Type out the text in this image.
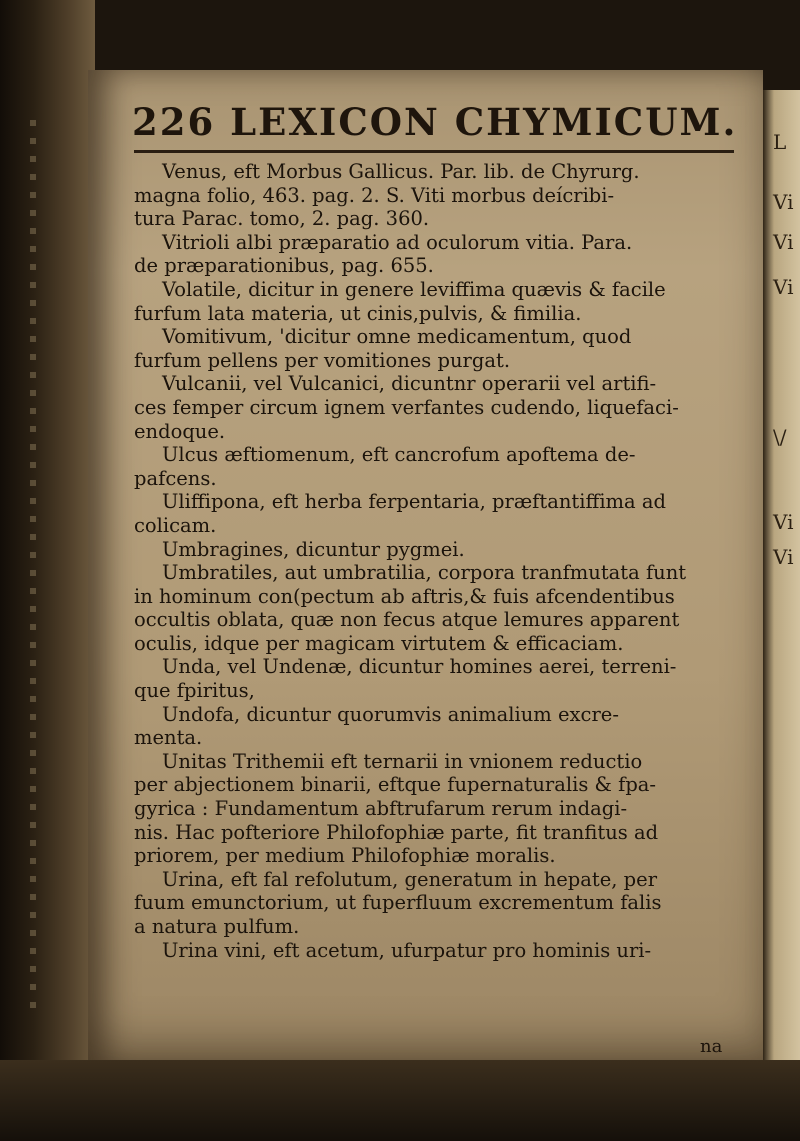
L
Vi
Vi
Vi
\/
Vi
Vi
226 LEXICON CHYMICUM.
Venus, eft Morbus Gallicus. Par. lib. de Chyrurg.
magna folio, 463. pag. 2. S. Viti morbus deícribi-
tura Parac. tomo, 2. pag. 360.
Vitrioli albi præparatio ad oculorum vitia. Para.
de præparationibus, pag. 655.
Volatile, dicitur in genere leviffima quævis & facile
furfum lata materia, ut cinis,pulvis, & fimilia.
Vomitivum, 'dicitur omne medicamentum, quod
furfum pellens per vomitiones purgat.
Vulcanii, vel Vulcanici, dicuntnr operarii vel artifi-
ces femper circum ignem verfantes cudendo, liquefaci-
endoque.
Ulcus æftiomenum, eft cancrofum apoftema de-
pafcens.
Uliffipona, eft herba ferpentaria, præftantiffima ad
colicam.
Umbragines, dicuntur pygmei.
Umbratiles, aut umbratilia, corpora tranfmutata funt
in hominum con(pectum ab aftris,& fuis afcendentibus
occultis oblata, quæ non fecus atque lemures apparent
oculis, idque per magicam virtutem & efficaciam.
Unda, vel Undenæ, dicuntur homines aerei, terreni-
que fpiritus,
Undofa, dicuntur quorumvis animalium excre-
menta.
Unitas Trithemii eft ternarii in vnionem reductio
per abjectionem binarii, eftque fupernaturalis & fpa-
gyrica : Fundamentum abftrufarum rerum indagi-
nis. Hac pofteriore Philofophiæ parte, fit tranfitus ad
priorem, per medium Philofophiæ moralis.
Urina, eft fal refolutum, generatum in hepate, per
fuum emunctorium, ut fuperfluum excrementum falis
a natura pulfum.
Urina vini, eft acetum, ufurpatur pro hominis uri-
na
